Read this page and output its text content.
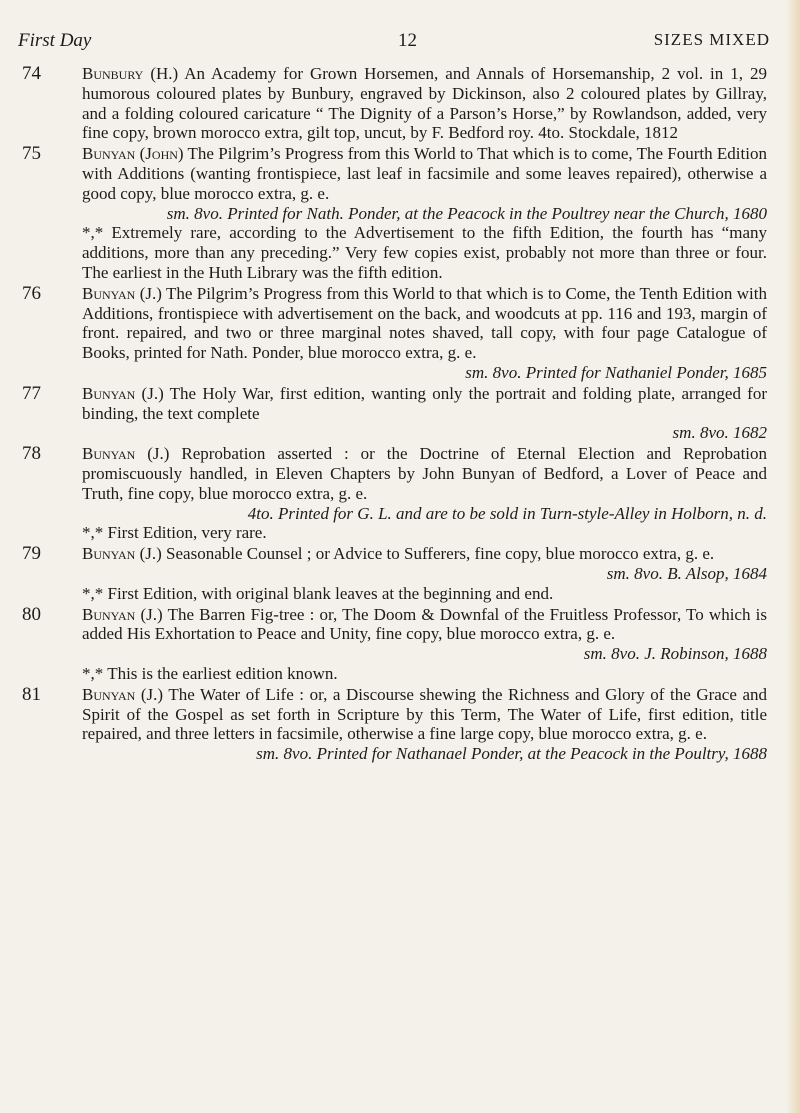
First Day	12	SIZES MIXED
74 Bunbury (H.) An Academy for Grown Horsemen, and Annals of Horsemanship, 2 vol. in 1, 29 humorous coloured plates by Bunbury, engraved by Dickinson, also 2 coloured plates by Gillray, and a folding coloured caricature “ The Dignity of a Parson’s Horse,” by Rowlandson, added, very fine copy, brown morocco extra, gilt top, uncut, by F. Bedford roy. 4to. Stockdale, 1812
75 Bunyan (John) The Pilgrim’s Progress from this World to That which is to come, The Fourth Edition with Additions (wanting frontispiece, last leaf in facsimile and some leaves repaired), otherwise a good copy, blue morocco extra, g. e.
sm. 8vo. Printed for Nath. Ponder, at the Peacock in the Poultrey near the Church, 1680
*,* Extremely rare, according to the Advertisement to the fifth Edition, the fourth has “many additions, more than any preceding.” Very few copies exist, probably not more than three or four. The earliest in the Huth Library was the fifth edition.
76 Bunyan (J.) The Pilgrim’s Progress from this World to that which is to Come, the Tenth Edition with Additions, frontispiece with advertisement on the back, and woodcuts at pp. 116 and 193, margin of front. repaired, and two or three marginal notes shaved, tall copy, with four page Catalogue of Books, printed for Nath. Ponder, blue morocco extra, g. e.
sm. 8vo. Printed for Nathaniel Ponder, 1685
77 Bunyan (J.) The Holy War, first edition, wanting only the portrait and folding plate, arranged for binding, the text complete
sm. 8vo. 1682
78 Bunyan (J.) Reprobation asserted : or the Doctrine of Eternal Election and Reprobation promiscuously handled, in Eleven Chapters by John Bunyan of Bedford, a Lover of Peace and Truth, fine copy, blue morocco extra, g. e.
4to. Printed for G. L. and are to be sold in Turn-style-Alley in Holborn, n. d.
*,* First Edition, very rare.
79 Bunyan (J.) Seasonable Counsel ; or Advice to Sufferers, fine copy, blue morocco extra, g. e.
sm. 8vo. B. Alsop, 1684
*,* First Edition, with original blank leaves at the beginning and end.
80 Bunyan (J.) The Barren Fig-tree : or, The Doom & Downfal of the Fruitless Professor, To which is added His Exhortation to Peace and Unity, fine copy, blue morocco extra, g. e.
sm. 8vo. J. Robinson, 1688
*,* This is the earliest edition known.
81 Bunyan (J.) The Water of Life : or, a Discourse shewing the Richness and Glory of the Grace and Spirit of the Gospel as set forth in Scripture by this Term, The Water of Life, first edition, title repaired, and three letters in facsimile, otherwise a fine large copy, blue morocco extra, g. e.
sm. 8vo. Printed for Nathanael Ponder, at the Peacock in the Poultry, 1688
